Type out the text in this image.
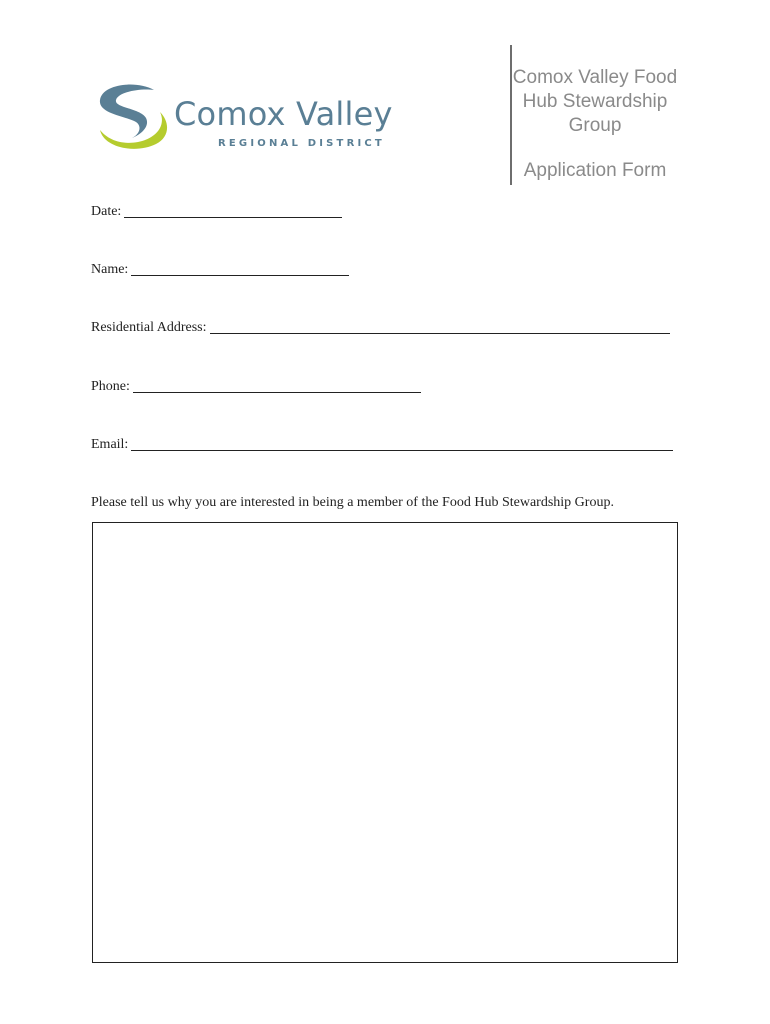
Comox Valley
REGIONAL DISTRICT
Comox Valley Food Hub Stewardship Group
Application Form
Date:
Name:
Residential Address:
Phone:
Email:
Please tell us why you are interested in being a member of the Food Hub Stewardship Group.
